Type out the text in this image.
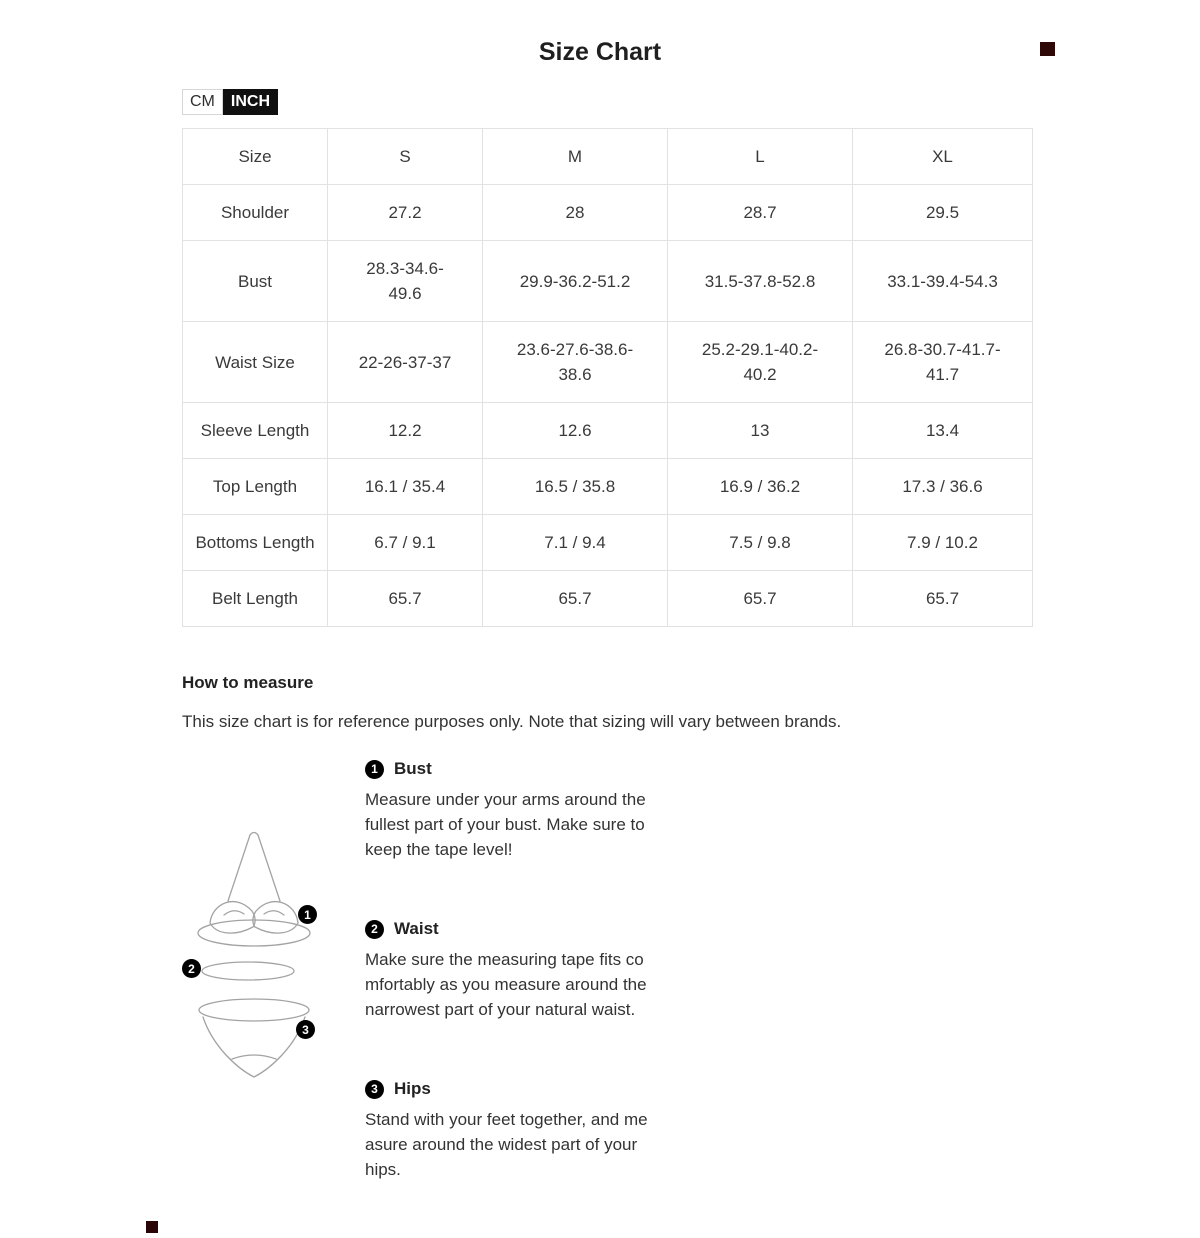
Size Chart
CM	INCH
Size	S	M	L	XL
Shoulder	27.2	28	28.7	29.5
Bust	28.3-34.6-49.6	29.9-36.2-51.2	31.5-37.8-52.8	33.1-39.4-54.3
Waist Size	22-26-37-37	23.6-27.6-38.6-38.6	25.2-29.1-40.2-40.2	26.8-30.7-41.7-41.7
Sleeve Length	12.2	12.6	13	13.4
Top Length	16.1 / 35.4	16.5 / 35.8	16.9 / 36.2	17.3 / 36.6
Bottoms Length	6.7 / 9.1	7.1 / 9.4	7.5 / 9.8	7.9 / 10.2
Belt Length	65.7	65.7	65.7	65.7
How to measure

This size chart is for reference purposes only. Note that sizing will vary between brands.

1
2
3
1 Bust

Measure under your arms around the fullest part of your bust. Make sure to keep the tape level!

2 Waist

Make sure the measuring tape fits co mfortably as you measure around the narrowest part of your natural waist.

3 Hips

Stand with your feet together, and me asure around the widest part of your hips.
